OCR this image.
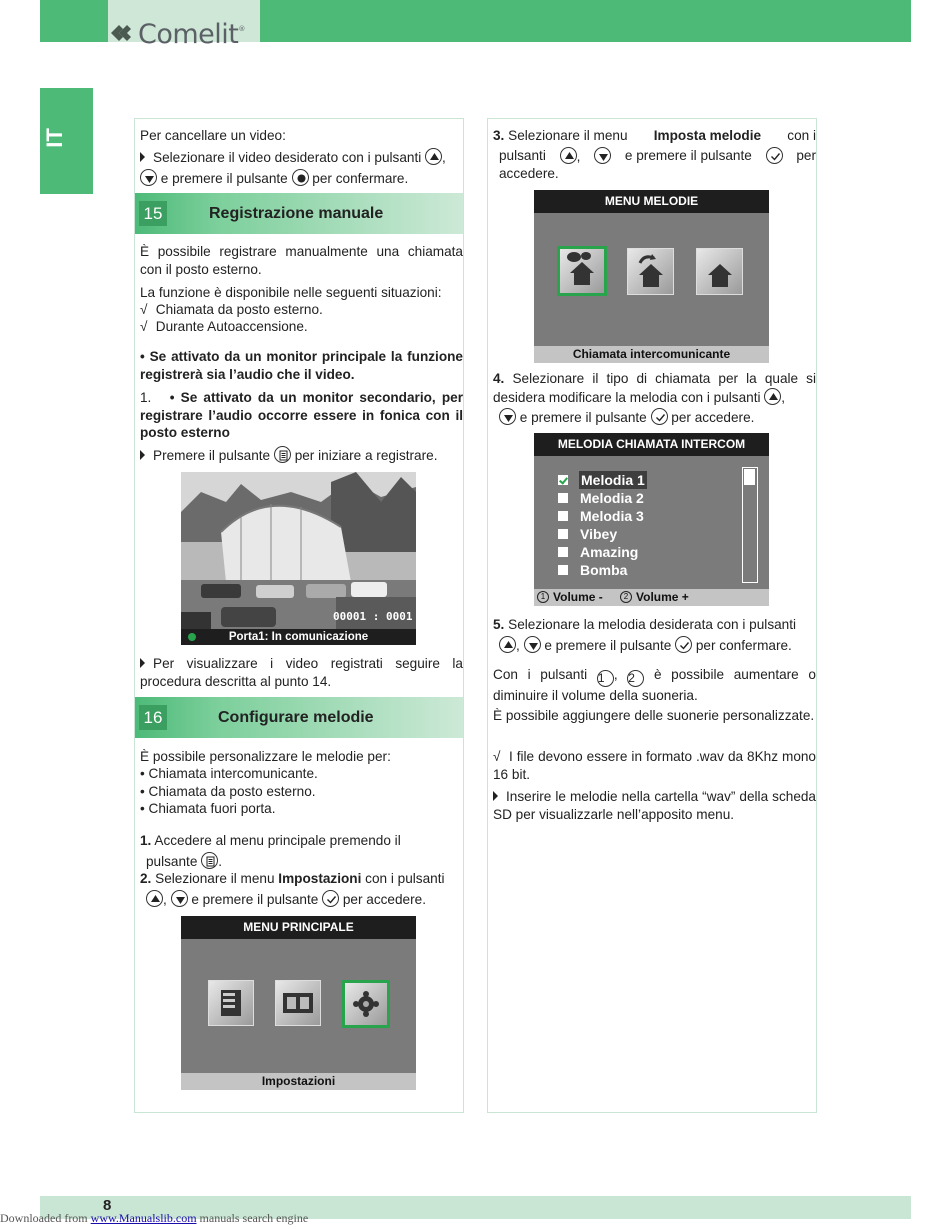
Comelit®
IT	Per cancellare un video:
Selezionare il video desiderato con i pulsanti ,
e premere il pulsante per confermare.
15	Registrazione manuale
È possibile registrare manualmente una chiamata con il posto esterno.
La funzione è disponibile nelle seguenti situazioni:
√ Chiamata da posto esterno.
√ Durante Autoaccensione.
• Se attivato da un monitor principale la funzione registrerà sia l’audio che il video.
1. • Se attivato da un monitor secondario, per registrare l’audio occorre essere in fonica con il posto esterno
Premere il pulsante per iniziare a registrare.
00001 : 0001
Porta1: In comunicazione
Per visualizzare i video registrati seguire la procedura descritta al punto 14.
16	Configurare melodie
È possibile personalizzare le melodie per:
• Chiamata intercomunicante.
• Chiamata da posto esterno.
• Chiamata fuori porta.
1. Accedere al menu principale premendo il
pulsante .
2. Selezionare il menu Impostazioni con i pulsanti
,
e premere il pulsante per accedere.
MENU PRINCIPALE
Impostazioni
3. Selezionare il menu Imposta melodie con i
pulsanti	,	e premere il pulsante	per
accedere.
MENU MELODIE
Chiamata intercomunicante
4. Selezionare il tipo di chiamata per la quale si desidera modificare la melodia con i pulsanti ,
e premere il pulsante per accedere.
MELODIA CHIAMATA INTERCOM
Melodia 1
Melodia 2
Melodia 3
Vibey
Amazing
Bomba
1 Volume -	2 Volume +
5. Selezionare la melodia desiderata con i pulsanti
,
e premere il pulsante per confermare.
Con i pulsanti 1 , 2 è possibile aumentare o diminuire il volume della suoneria.
È possibile aggiungere delle suonerie personalizzate.
√ I file devono essere in formato .wav da 8Khz mono 16 bit.
Inserire le melodie nella cartella “wav” della scheda SD per visualizzarle nell’apposito menu.
8
Downloaded from www.Manualslib.com manuals search engine
